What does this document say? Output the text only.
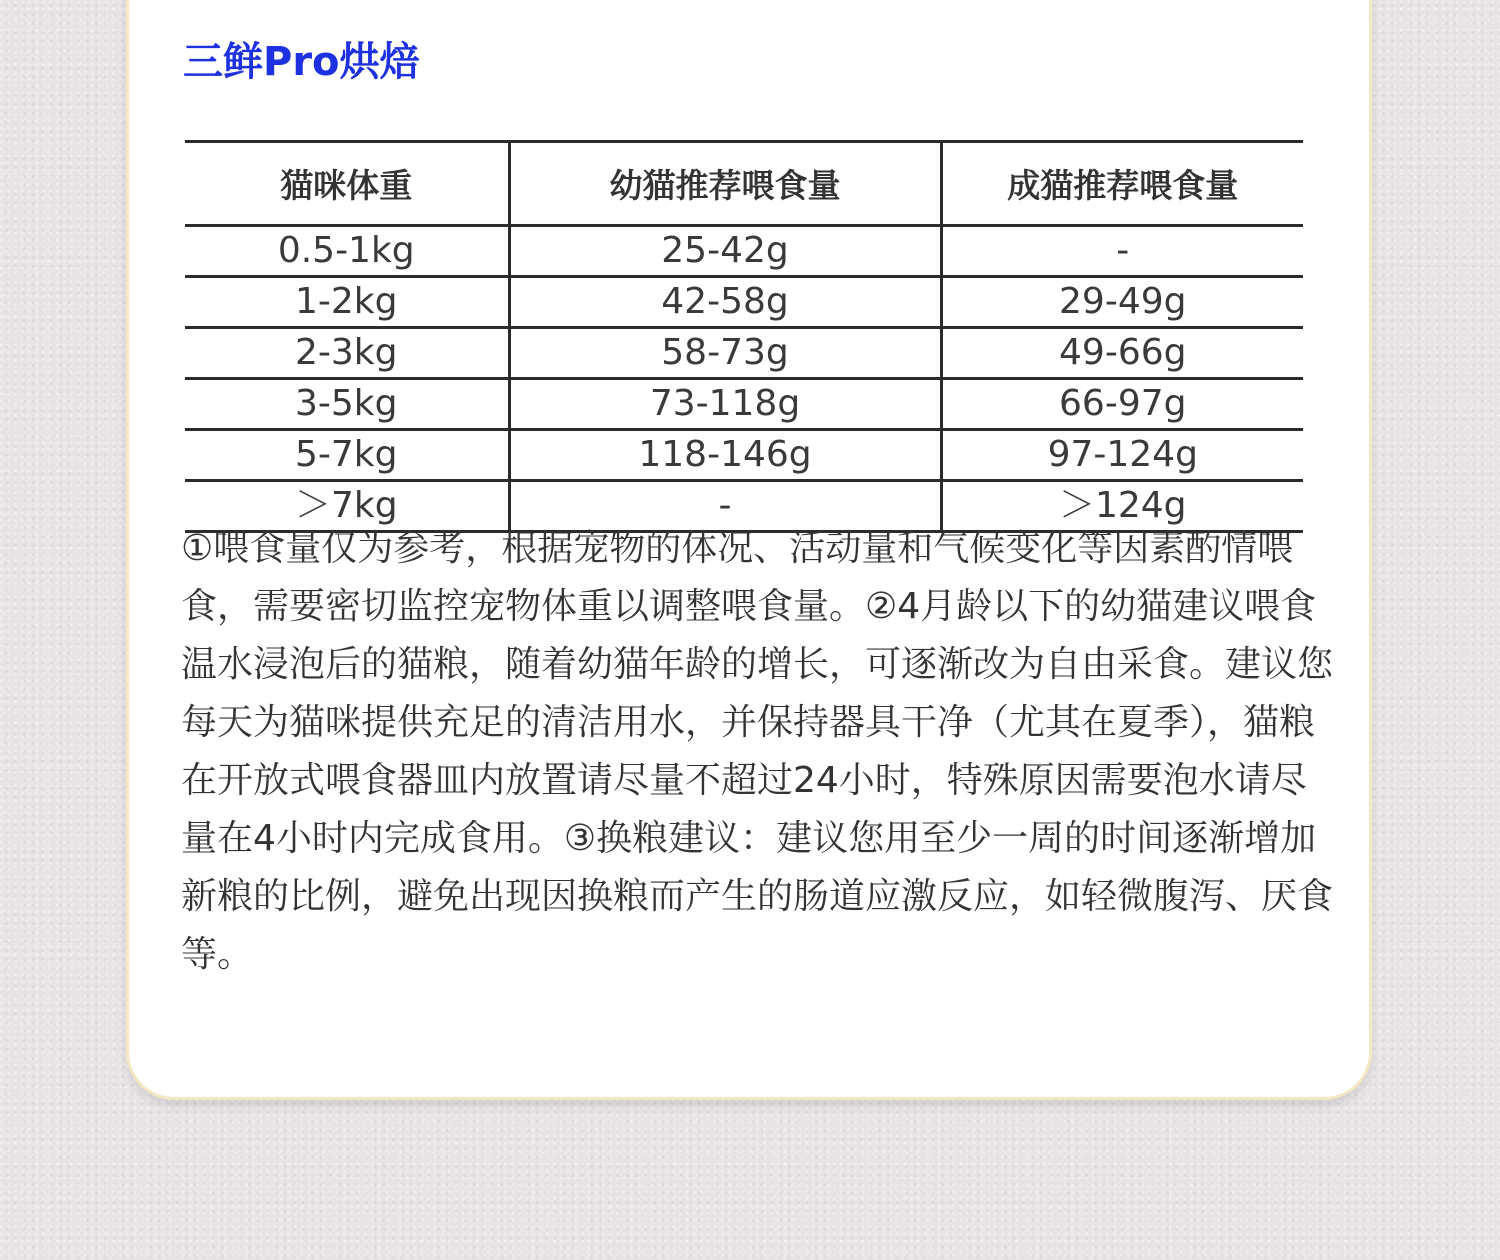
三鲜Pro烘焙
猫咪体重	幼猫推荐喂食量	成猫推荐喂食量
0.5-1kg	25-42g	-
1-2kg	42-58g	29-49g
2-3kg	58-73g	49-66g
3-5kg	73-118g	66-97g
5-7kg	118-146g	97-124g
＞7kg	-	＞124g

①喂食量仅为参考，根据宠物的体况、活动量和气候变化等因素酌情喂食，需要密切监控宠物体重以调整喂食量。②4月龄以下的幼猫建议喂食温水浸泡后的猫粮，随着幼猫年龄的增长，可逐渐改为自由采食。建议您每天为猫咪提供充足的清洁用水，并保持器具干净（尤其在夏季），猫粮在开放式喂食器皿内放置请尽量不超过24小时，特殊原因需要泡水请尽量在4小时内完成食用。③换粮建议：建议您用至少一周的时间逐渐增加新粮的比例，避免出现因换粮而产生的肠道应激反应，如轻微腹泻、厌食等。
